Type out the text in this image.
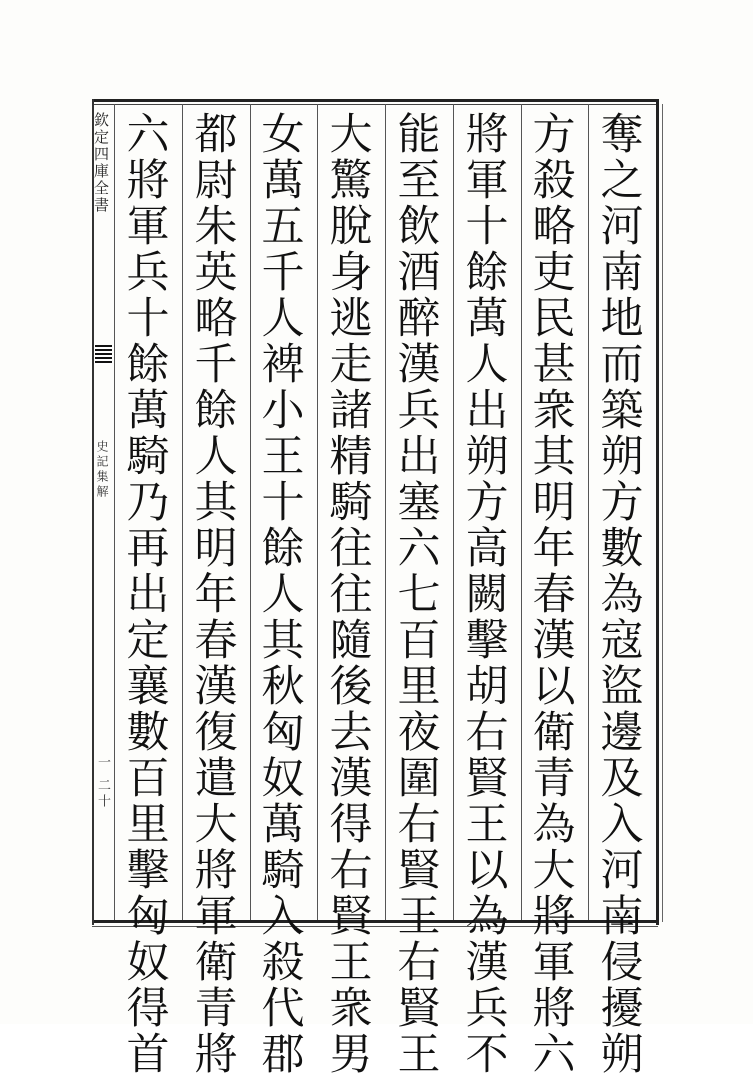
欽定四庫全書
史記集解
一 二十
奪
之
河
南
地
而
築
朔
方
數
為
寇
盜
邊
及
入
河
南
侵
擾
朔
方
殺
略
吏
民
甚
衆
其
明
年
春
漢
以
衛
青
為
大
將
軍
將
六
將
軍
十
餘
萬
人
出
朔
方
高
闕
擊
胡
右
賢
王
以
為
漢
兵
不
能
至
飲
酒
醉
漢
兵
出
塞
六
七
百
里
夜
圍
右
賢
王
右
賢
王
大
驚
脫
身
逃
走
諸
精
騎
往
往
隨
後
去
漢
得
右
賢
王
衆
男
女
萬
五
千
人
裨
小
王
十
餘
人
其
秋
匈
奴
萬
騎
入
殺
代
郡
都
尉
朱
英
略
千
餘
人
其
明
年
春
漢
復
遣
大
將
軍
衛
青
將
六
將
軍
兵
十
餘
萬
騎
乃
再
出
定
襄
數
百
里
擊
匈
奴
得
首
